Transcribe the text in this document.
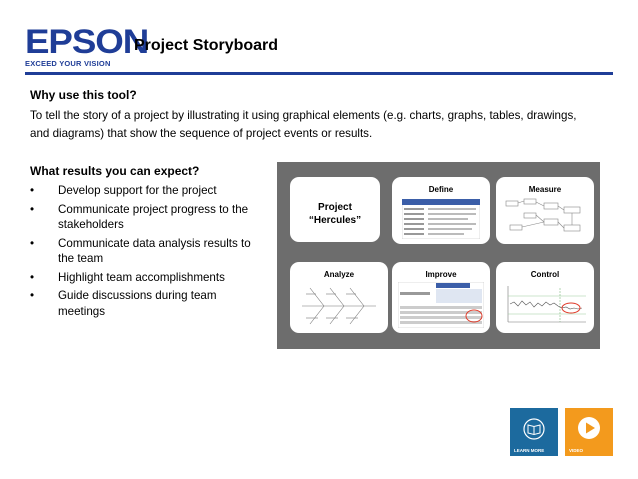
EPSON
EXCEED YOUR VISION
Project Storyboard
Why use this tool?
To tell the story of a project by illustrating it using graphical elements (e.g. charts, graphs, tables, drawings, and diagrams) that show the sequence of project events or results.
What results you can expect?
• Develop support for the project
• Communicate project progress to the stakeholders
• Communicate data analysis results to the team
• Highlight team accomplishments
• Guide discussions during team meetings
Project
“Hercules”
Define	Measure
Analyze	Improve	Control
LEARN MORE	VIDEO
